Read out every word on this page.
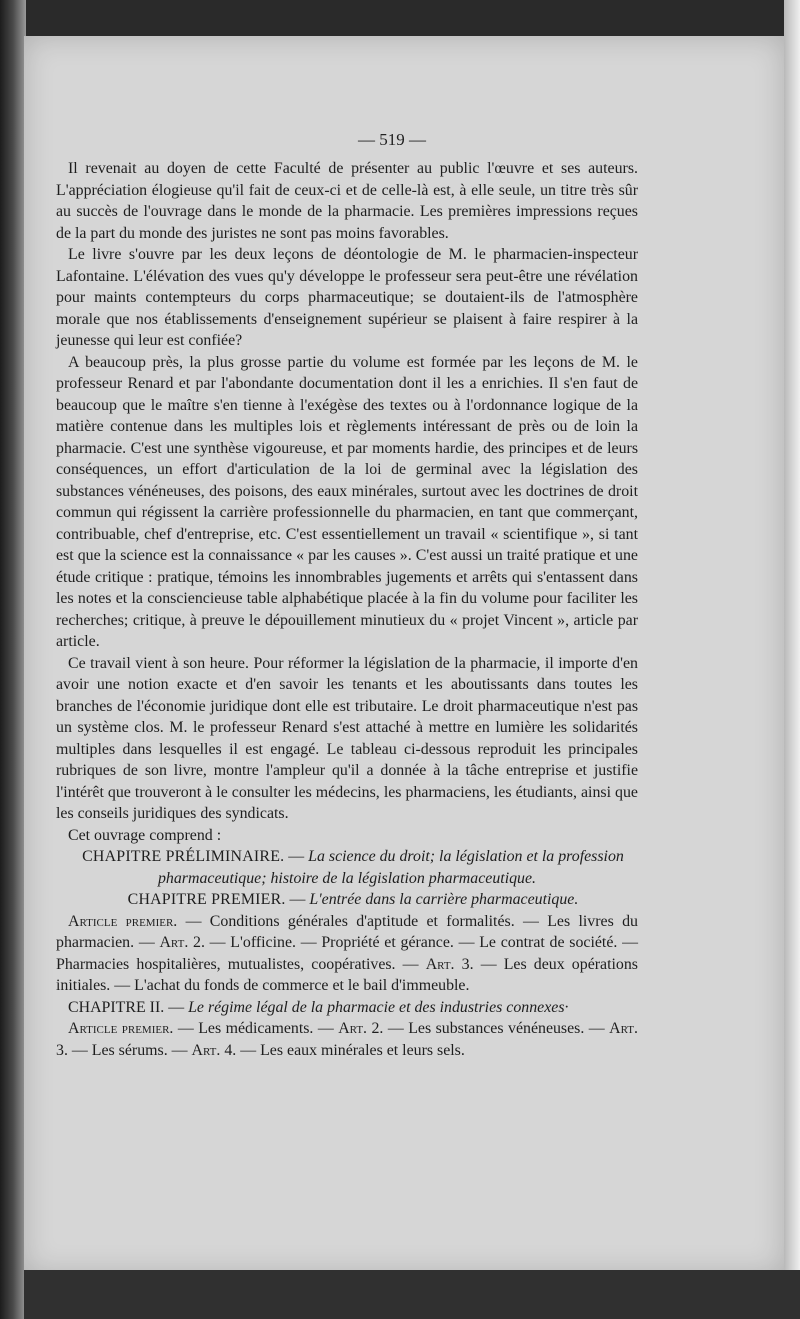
— 519 —

Il revenait au doyen de cette Faculté de présenter au public l'œuvre et ses auteurs. L'appréciation élogieuse qu'il fait de ceux-ci et de celle-là est, à elle seule, un titre très sûr au succès de l'ouvrage dans le monde de la pharmacie. Les premières impressions reçues de la part du monde des juristes ne sont pas moins favorables.

Le livre s'ouvre par les deux leçons de déontologie de M. le pharmacien-inspecteur Lafontaine. L'élévation des vues qu'y développe le professeur sera peut-être une révélation pour maints contempteurs du corps pharmaceutique; se doutaient-ils de l'atmosphère morale que nos établissements d'enseignement supérieur se plaisent à faire respirer à la jeunesse qui leur est confiée?

A beaucoup près, la plus grosse partie du volume est formée par les leçons de M. le professeur Renard et par l'abondante documentation dont il les a enrichies. Il s'en faut de beaucoup que le maître s'en tienne à l'exégèse des textes ou à l'ordonnance logique de la matière contenue dans les multiples lois et règlements intéressant de près ou de loin la pharmacie. C'est une synthèse vigoureuse, et par moments hardie, des principes et de leurs conséquences, un effort d'articulation de la loi de germinal avec la législation des substances vénéneuses, des poisons, des eaux minérales, surtout avec les doctrines de droit commun qui régissent la carrière professionnelle du pharmacien, en tant que commerçant, contribuable, chef d'entreprise, etc. C'est essentiellement un travail « scientifique », si tant est que la science est la connaissance « par les causes ». C'est aussi un traité pratique et une étude critique : pratique, témoins les innombrables jugements et arrêts qui s'entassent dans les notes et la consciencieuse table alphabétique placée à la fin du volume pour faciliter les recherches; critique, à preuve le dépouillement minutieux du « projet Vincent », article par article.

Ce travail vient à son heure. Pour réformer la législation de la pharmacie, il importe d'en avoir une notion exacte et d'en savoir les tenants et les aboutissants dans toutes les branches de l'économie juridique dont elle est tributaire. Le droit pharmaceutique n'est pas un système clos. M. le professeur Renard s'est attaché à mettre en lumière les solidarités multiples dans lesquelles il est engagé. Le tableau ci-dessous reproduit les principales rubriques de son livre, montre l'ampleur qu'il a donnée à la tâche entreprise et justifie l'intérêt que trouveront à le consulter les médecins, les pharmaciens, les étudiants, ainsi que les conseils juridiques des syndicats.

Cet ouvrage comprend :

CHAPITRE PRÉLIMINAIRE. — La science du droit; la législation et la profession pharmaceutique; histoire de la législation pharmaceutique.

CHAPITRE PREMIER. — L'entrée dans la carrière pharmaceutique.

Article premier. — Conditions générales d'aptitude et formalités. — Les livres du pharmacien. — Art. 2. — L'officine. — Propriété et gérance. — Le contrat de société. — Pharmacies hospitalières, mutualistes, coopératives. — Art. 3. — Les deux opérations initiales. — L'achat du fonds de commerce et le bail d'immeuble.

CHAPITRE II. — Le régime légal de la pharmacie et des industries connexes·

Article premier. — Les médicaments. — Art. 2. — Les substances vénéneuses. — Art. 3. — Les sérums. — Art. 4. — Les eaux minérales et leurs sels.
